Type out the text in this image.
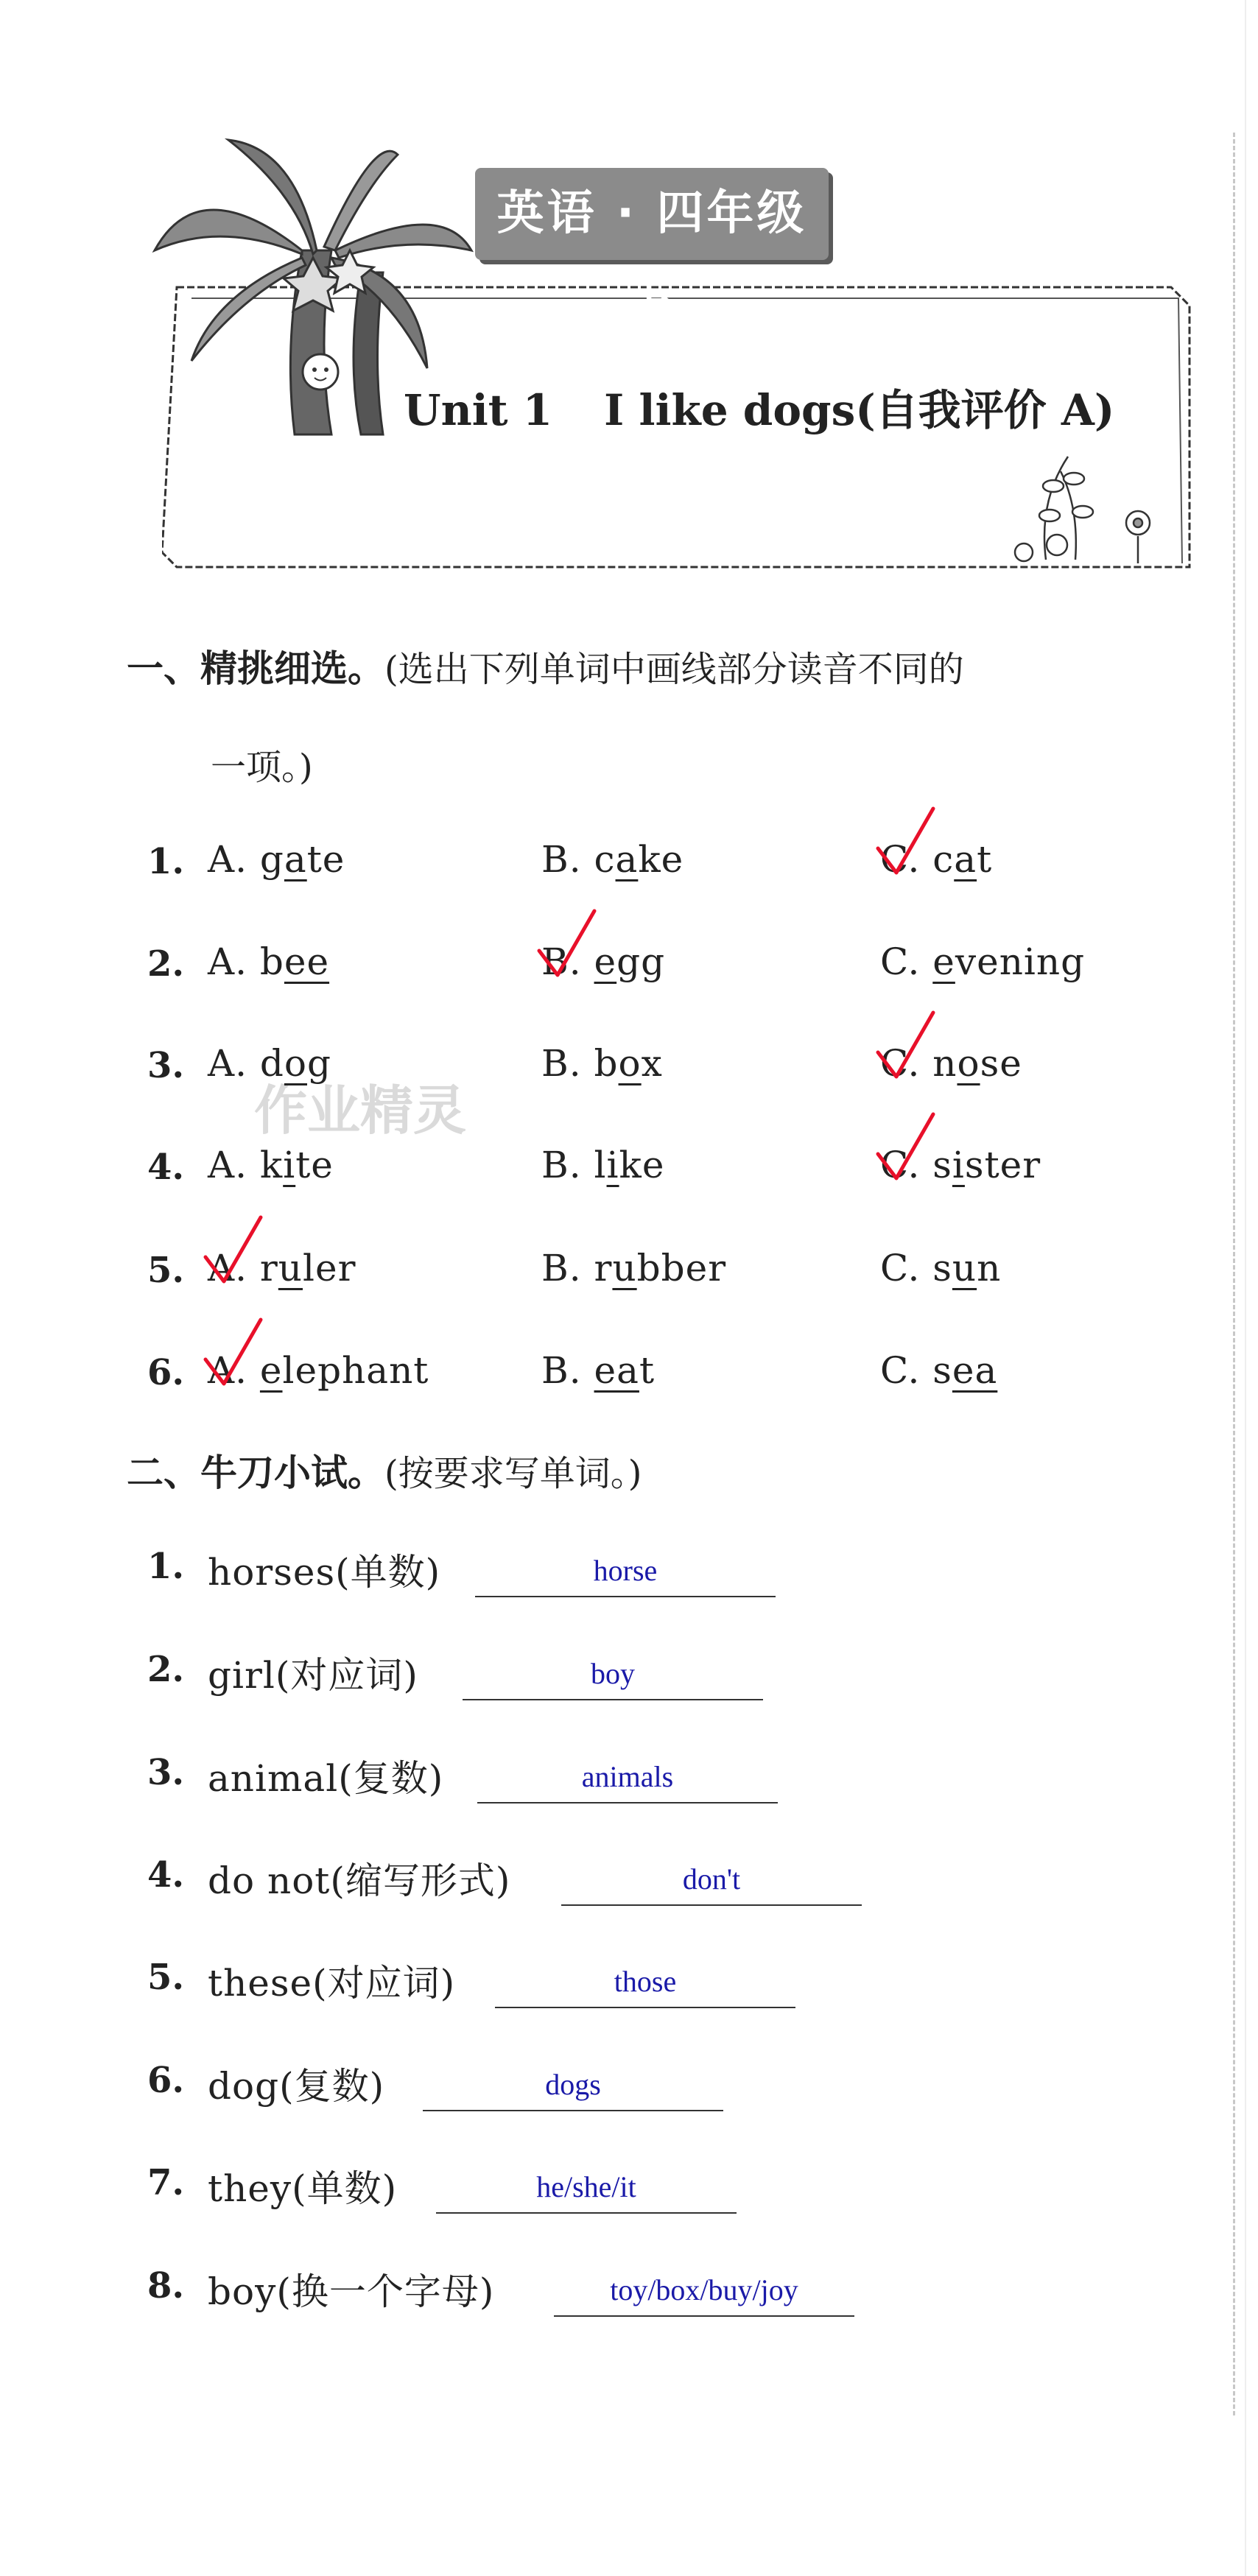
英语 · 四年级上
Unit 1 I like dogs(自我评价 A)
作业精灵
一、精挑细选。(选出下列单词中画线部分读音不同的
一项。)
1. A. gate	B. cake	C. cat
2. A. bee	B. egg	C. evening
3. A. dog	B. box	C. nose
4. A. kite	B. like	C. sister
5. A. ruler	B. rubber	C. sun
6. A. elephant	B. eat	C. sea
二、牛刀小试。(按要求写单词。)
1. horses(单数)	horse
2. girl(对应词)	boy
3. animal(复数)	animals
4. do not(缩写形式)	don't
5. these(对应词)	those
6. dog(复数)	dogs
7. they(单数)	he/she/it
8. boy(换一个字母)	toy/box/buy/joy
